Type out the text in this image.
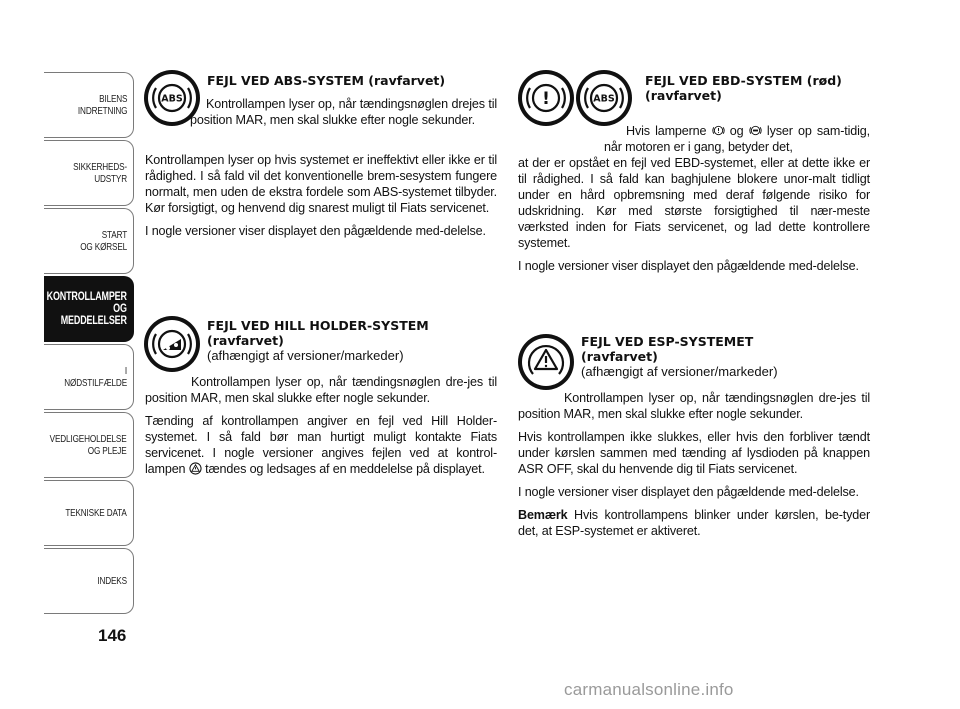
BILENS
INDRETNING
SIKKERHEDS-
UDSTYR
START
OG KØRSEL
KONTROLLAMPER
OG MEDDELELSER
I NØDSTILFÆLDE
VEDLIGEHOLDELSE
OG PLEJE
TEKNISKE DATA
INDEKS
146
ABS
FEJL VED ABS-SYSTEM (ravfarvet)
Kontrollampen lyser op, når tændingsnøglen drejes til position MAR, men skal slukke efter nogle sekunder.
Kontrollampen lyser op hvis systemet er ineffektivt eller ikke er til rådighed. I så fald vil det konventionelle brem-sesystem fungere normalt, men uden de ekstra fordele som ABS-systemet tilbyder. Kør forsigtigt, og henvend dig snarest muligt til Fiats servicenet.
I nogle versioner viser displayet den pågældende med-delelse.
FEJL VED HILL HOLDER-SYSTEM (ravfarvet)
(afhængigt af versioner/markeder)
Kontrollampen lyser op, når tændingsnøglen dre-jes til position MAR, men skal slukke efter nogle sekunder.
Tænding af kontrollampen angiver en fejl ved Hill Holder-systemet. I så fald bør man hurtigt muligt kontakte Fiats servicenet. I nogle versioner angives fejlen ved at kontrol-lampen tændes og ledsages af en meddelelse på displayet.
!	ABS
FEJL VED EBD-SYSTEM (rød) (ravfarvet)
Hvis lamperne og lyser op sam-tidig, når motoren er i gang, betyder det,
at der er opstået en fejl ved EBD-systemet, eller at dette ikke er til rådighed. I så fald kan baghjulene blokere unor-malt tidligt under en hård opbremsning med deraf følgende risiko for udskridning. Kør med største forsigtighed til nær-meste værksted inden for Fiats servicenet, og lad dette kontrollere systemet.
I nogle versioner viser displayet den pågældende med-delelse.
FEJL VED ESP-SYSTEMET (ravfarvet)
(afhængigt af versioner/markeder)
Kontrollampen lyser op, når tændingsnøglen dre-jes til position MAR, men skal slukke efter nogle sekunder.
Hvis kontrollampen ikke slukkes, eller hvis den forbliver tændt under kørslen sammen med tænding af lysdioden på knappen ASR OFF, skal du henvende dig til Fiats servicenet.
I nogle versioner viser displayet den pågældende med-delelse.
Bemærk Hvis kontrollampens blinker under kørslen, be-tyder det, at ESP-systemet er aktiveret.
carmanualsonline.info
